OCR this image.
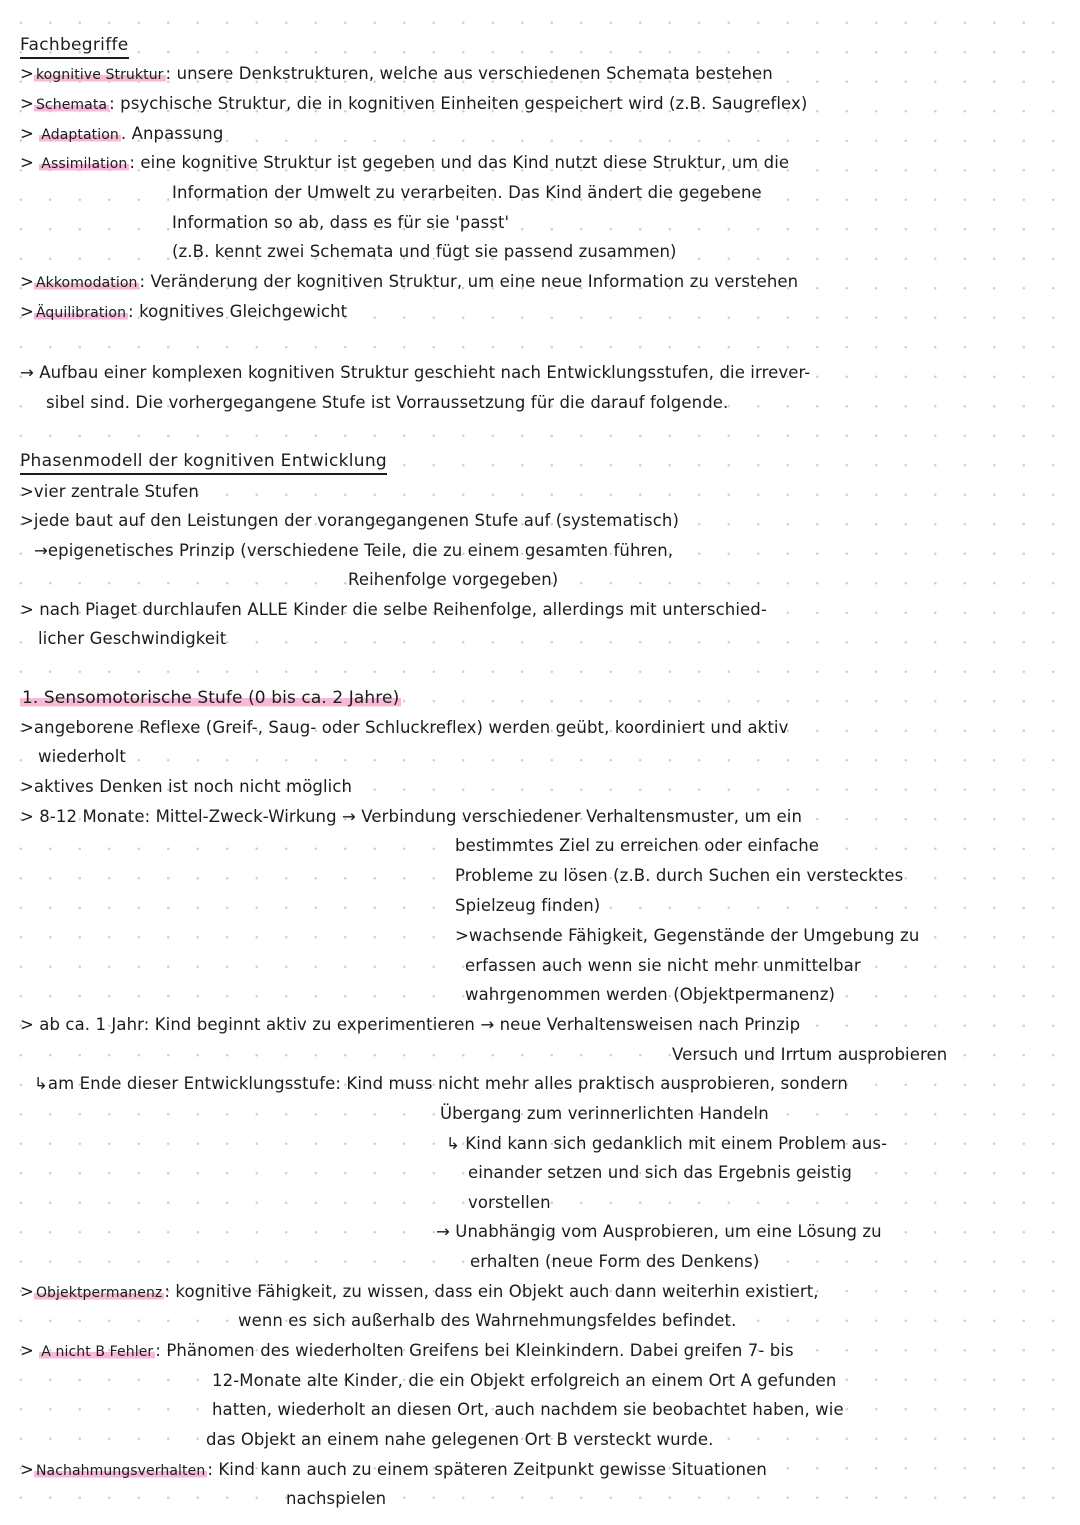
Fachbegriffe
> kognitive Struktur : unsere Denkstrukturen, welche aus verschiedenen Schemata bestehen
> Schemata : psychische Struktur, die in kognitiven Einheiten gespeichert wird (z.B. Saugreflex)
> Adaptation . Anpassung
> Assimilation : eine kognitive Struktur ist gegeben und das Kind nutzt diese Struktur, um die
Information der Umwelt zu verarbeiten. Das Kind ändert die gegebene
Information so ab, dass es für sie 'passt'
(z.B. kennt zwei Schemata und fügt sie passend zusammen)
> Akkomodation : Veränderung der kognitiven Struktur, um eine neue Information zu verstehen
> Äquilibration : kognitives Gleichgewicht
→ Aufbau einer komplexen kognitiven Struktur geschieht nach Entwicklungsstufen, die irrever-
sibel sind. Die vorhergegangene Stufe ist Vorraussetzung für die darauf folgende.
Phasenmodell der kognitiven Entwicklung
>vier zentrale Stufen
>jede baut auf den Leistungen der vorangegangenen Stufe auf (systematisch)
→epigenetisches Prinzip (verschiedene Teile, die zu einem gesamten führen,
Reihenfolge vorgegeben)
> nach Piaget durchlaufen ALLE Kinder die selbe Reihenfolge, allerdings mit unterschied-
licher Geschwindigkeit
1. Sensomotorische Stufe (0 bis ca. 2 Jahre)
>angeborene Reflexe (Greif-, Saug- oder Schluckreflex) werden geübt, koordiniert und aktiv
wiederholt
>aktives Denken ist noch nicht möglich
> 8-12 Monate: Mittel-Zweck-Wirkung → Verbindung verschiedener Verhaltensmuster, um ein
bestimmtes Ziel zu erreichen oder einfache
Probleme zu lösen (z.B. durch Suchen ein verstecktes
Spielzeug finden)
>wachsende Fähigkeit, Gegenstände der Umgebung zu
erfassen auch wenn sie nicht mehr unmittelbar
wahrgenommen werden (Objektpermanenz)
> ab ca. 1 Jahr: Kind beginnt aktiv zu experimentieren → neue Verhaltensweisen nach Prinzip
Versuch und Irrtum ausprobieren
↳am Ende dieser Entwicklungsstufe: Kind muss nicht mehr alles praktisch ausprobieren, sondern
Übergang zum verinnerlichten Handeln
↳ Kind kann sich gedanklich mit einem Problem aus-
einander setzen und sich das Ergebnis geistig
vorstellen
→ Unabhängig vom Ausprobieren, um eine Lösung zu
erhalten (neue Form des Denkens)
> Objektpermanenz : kognitive Fähigkeit, zu wissen, dass ein Objekt auch dann weiterhin existiert,
wenn es sich außerhalb des Wahrnehmungsfeldes befindet.
> A nicht B Fehler : Phänomen des wiederholten Greifens bei Kleinkindern. Dabei greifen 7- bis
12-Monate alte Kinder, die ein Objekt erfolgreich an einem Ort A gefunden
hatten, wiederholt an diesen Ort, auch nachdem sie beobachtet haben, wie
das Objekt an einem nahe gelegenen Ort B versteckt wurde.
> Nachahmungsverhalten : Kind kann auch zu einem späteren Zeitpunkt gewisse Situationen
nachspielen
